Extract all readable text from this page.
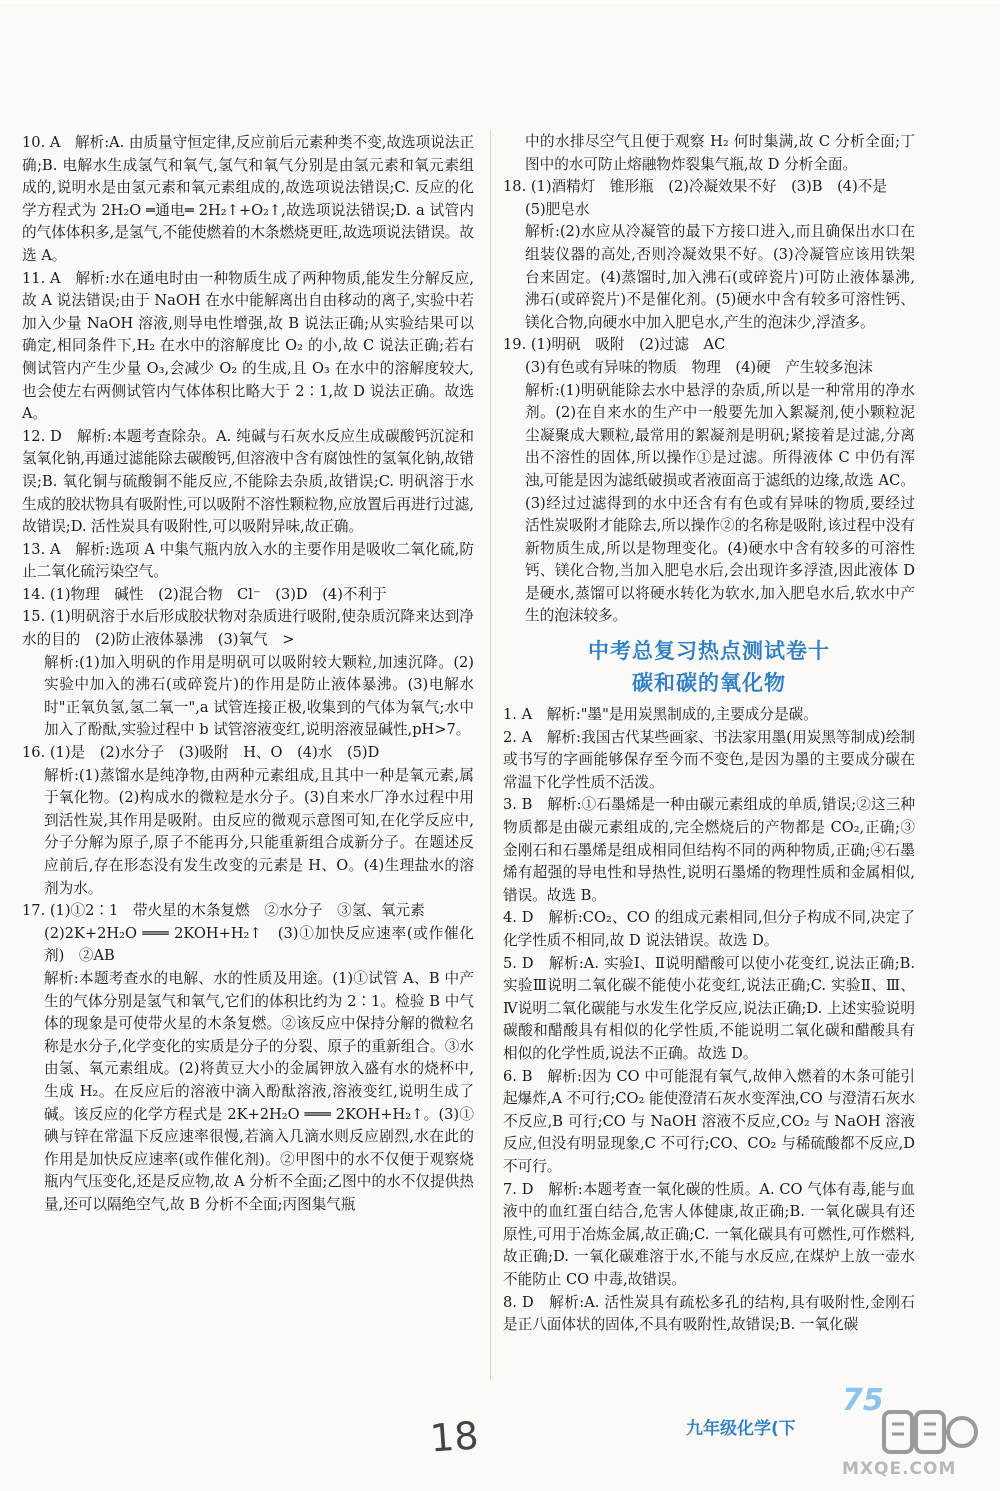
10. A　解析:A. 由质量守恒定律,反应前后元素种类不变,故选项说法正确;B. 电解水生成氢气和氧气,氢气和氧气分别是由氢元素和氧元素组成的,说明水是由氢元素和氧元素组成的,故选项说法错误;C. 反应的化学方程式为 2H₂O ═通电═ 2H₂↑+O₂↑,故选项说法错误;D. a 试管内的气体体积多,是氢气,不能使燃着的木条燃烧更旺,故选项说法错误。故选 A。

11. A　解析:水在通电时由一种物质生成了两种物质,能发生分解反应,故 A 说法错误;由于 NaOH 在水中能解离出自由移动的离子,实验中若加入少量 NaOH 溶液,则导电性增强,故 B 说法正确;从实验结果可以确定,相同条件下,H₂ 在水中的溶解度比 O₂ 的小,故 C 说法正确;若右侧试管内产生少量 O₃,会减少 O₂ 的生成,且 O₃ 在水中的溶解度较大,也会使左右两侧试管内气体体积比略大于 2∶1,故 D 说法正确。故选 A。

12. D　解析:本题考查除杂。A. 纯碱与石灰水反应生成碳酸钙沉淀和氢氧化钠,再通过滤能除去碳酸钙,但溶液中含有腐蚀性的氢氧化钠,故错误;B. 氧化铜与硫酸铜不能反应,不能除去杂质,故错误;C. 明矾溶于水生成的胶状物具有吸附性,可以吸附不溶性颗粒物,应放置后再进行过滤,故错误;D. 活性炭具有吸附性,可以吸附异味,故正确。

13. A　解析:选项 A 中集气瓶内放入水的主要作用是吸收二氧化硫,防止二氧化硫污染空气。

14. (1)物理　碱性　(2)混合物　Cl⁻　(3)D　(4)不利于

15. (1)明矾溶于水后形成胶状物对杂质进行吸附,使杂质沉降来达到净水的目的　(2)防止液体暴沸　(3)氧气　>

解析:(1)加入明矾的作用是明矾可以吸附较大颗粒,加速沉降。(2)实验中加入的沸石(或碎瓷片)的作用是防止液体暴沸。(3)电解水时"正氧负氢,氢二氧一",a 试管连接正极,收集到的气体为氧气;水中加入了酚酞,实验过程中 b 试管溶液变红,说明溶液显碱性,pH>7。

16. (1)是　(2)水分子　(3)吸附　H、O　(4)水　(5)D

解析:(1)蒸馏水是纯净物,由两种元素组成,且其中一种是氧元素,属于氧化物。(2)构成水的微粒是水分子。(3)自来水厂净水过程中用到活性炭,其作用是吸附。由反应的微观示意图可知,在化学反应中,分子分解为原子,原子不能再分,只能重新组合成新分子。在题述反应前后,存在形态没有发生改变的元素是 H、O。(4)生理盐水的溶剂为水。

17. (1)①2∶1　带火星的木条复燃　②水分子　③氢、氧元素

(2)2K+2H₂O ═══ 2KOH+H₂↑　(3)①加快反应速率(或作催化剂)　②AB

解析:本题考查水的电解、水的性质及用途。(1)①试管 A、B 中产生的气体分别是氢气和氧气,它们的体积比约为 2∶1。检验 B 中气体的现象是可使带火星的木条复燃。②该反应中保持分解的微粒名称是水分子,化学变化的实质是分子的分裂、原子的重新组合。③水由氢、氧元素组成。(2)将黄豆大小的金属钾放入盛有水的烧杯中,生成 H₂。在反应后的溶液中滴入酚酞溶液,溶液变红,说明生成了碱。该反应的化学方程式是 2K+2H₂O ═══ 2KOH+H₂↑。(3)①碘与锌在常温下反应速率很慢,若滴入几滴水则反应剧烈,水在此的作用是加快反应速率(或作催化剂)。②甲图中的水不仅便于观察烧瓶内气压变化,还是反应物,故 A 分析不全面;乙图中的水不仅提供热量,还可以隔绝空气,故 B 分析不全面;丙图集气瓶

中的水排尽空气且便于观察 H₂ 何时集满,故 C 分析全面;丁图中的水可防止熔融物炸裂集气瓶,故 D 分析全面。

18. (1)酒精灯　锥形瓶　(2)冷凝效果不好　(3)B　(4)不是

(5)肥皂水

解析:(2)水应从冷凝管的最下方接口进入,而且确保出水口在组装仪器的高处,否则冷凝效果不好。(3)冷凝管应该用铁架台来固定。(4)蒸馏时,加入沸石(或碎瓷片)可防止液体暴沸,沸石(或碎瓷片)不是催化剂。(5)硬水中含有较多可溶性钙、镁化合物,向硬水中加入肥皂水,产生的泡沫少,浮渣多。

19. (1)明矾　吸附　(2)过滤　AC

(3)有色或有异味的物质　物理　(4)硬　产生较多泡沫

解析:(1)明矾能除去水中悬浮的杂质,所以是一种常用的净水剂。(2)在自来水的生产中一般要先加入絮凝剂,使小颗粒泥尘凝聚成大颗粒,最常用的絮凝剂是明矾;紧接着是过滤,分离出不溶性的固体,所以操作①是过滤。所得液体 C 中仍有浑浊,可能是因为滤纸破损或者液面高于滤纸的边缘,故选 AC。(3)经过过滤得到的水中还含有有色或有异味的物质,要经过活性炭吸附才能除去,所以操作②的名称是吸附,该过程中没有新物质生成,所以是物理变化。(4)硬水中含有较多的可溶性钙、镁化合物,当加入肥皂水后,会出现许多浮渣,因此液体 D 是硬水,蒸馏可以将硬水转化为软水,加入肥皂水后,软水中产生的泡沫较多。

中考总复习热点测试卷十
碳和碳的氧化物

1. A　解析:"墨"是用炭黑制成的,主要成分是碳。

2. A　解析:我国古代某些画家、书法家用墨(用炭黑等制成)绘制或书写的字画能够保存至今而不变色,是因为墨的主要成分碳在常温下化学性质不活泼。

3. B　解析:①石墨烯是一种由碳元素组成的单质,错误;②这三种物质都是由碳元素组成的,完全燃烧后的产物都是 CO₂,正确;③金刚石和石墨烯是组成相同但结构不同的两种物质,正确;④石墨烯有超强的导电性和导热性,说明石墨烯的物理性质和金属相似,错误。故选 B。

4. D　解析:CO₂、CO 的组成元素相同,但分子构成不同,决定了化学性质不相同,故 D 说法错误。故选 D。

5. D　解析:A. 实验Ⅰ、Ⅱ说明醋酸可以使小花变红,说法正确;B. 实验Ⅲ说明二氧化碳不能使小花变红,说法正确;C. 实验Ⅱ、Ⅲ、Ⅳ说明二氧化碳能与水发生化学反应,说法正确;D. 上述实验说明碳酸和醋酸具有相似的化学性质,不能说明二氧化碳和醋酸具有相似的化学性质,说法不正确。故选 D。

6. B　解析:因为 CO 中可能混有氧气,故伸入燃着的木条可能引起爆炸,A 不可行;CO₂ 能使澄清石灰水变浑浊,CO 与澄清石灰水不反应,B 可行;CO 与 NaOH 溶液不反应,CO₂ 与 NaOH 溶液反应,但没有明显现象,C 不可行;CO、CO₂ 与稀硫酸都不反应,D 不可行。

7. D　解析:本题考查一氧化碳的性质。A. CO 气体有毒,能与血液中的血红蛋白结合,危害人体健康,故正确;B. 一氧化碳具有还原性,可用于冶炼金属,故正确;C. 一氧化碳具有可燃性,可作燃料,故正确;D. 一氧化碳难溶于水,不能与水反应,在煤炉上放一壶水不能防止 CO 中毒,故错误。

8. D　解析:A. 活性炭具有疏松多孔的结构,具有吸附性,金刚石是正八面体状的固体,不具有吸附性,故错误;B. 一氧化碳

18
75
九年级化学(下
MXQE.COM
